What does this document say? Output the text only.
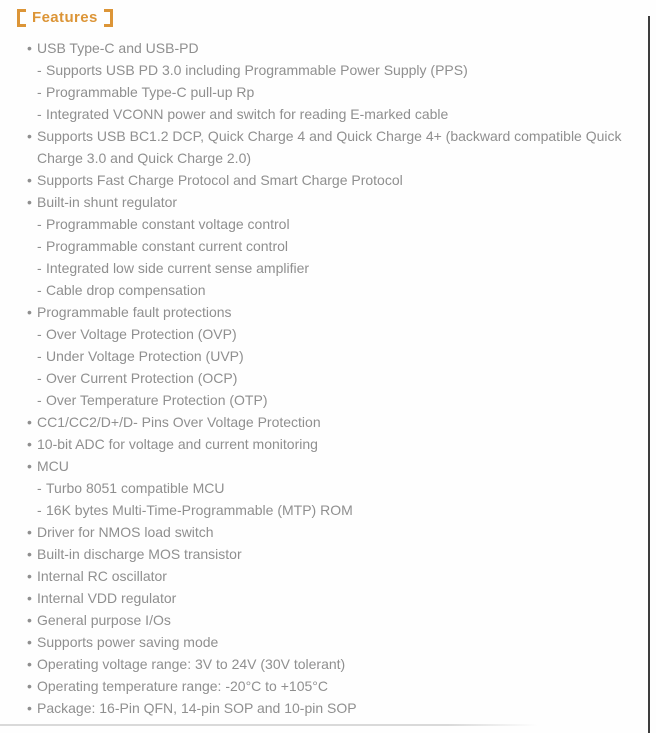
Features
• USB Type-C and USB-PD
- Supports USB PD 3.0 including Programmable Power Supply (PPS)
- Programmable Type-C pull-up Rp
- Integrated VCONN power and switch for reading E-marked cable
• Supports USB BC1.2 DCP, Quick Charge 4 and Quick Charge 4+ (backward compatible Quick Charge 3.0 and Quick Charge 2.0)
• Supports Fast Charge Protocol and Smart Charge Protocol
• Built-in shunt regulator
- Programmable constant voltage control
- Programmable constant current control
- Integrated low side current sense amplifier
- Cable drop compensation
• Programmable fault protections
- Over Voltage Protection (OVP)
- Under Voltage Protection (UVP)
- Over Current Protection (OCP)
- Over Temperature Protection (OTP)
• CC1/CC2/D+/D- Pins Over Voltage Protection
• 10-bit ADC for voltage and current monitoring
• MCU
- Turbo 8051 compatible MCU
- 16K bytes Multi-Time-Programmable (MTP) ROM
• Driver for NMOS load switch
• Built-in discharge MOS transistor
• Internal RC oscillator
• Internal VDD regulator
• General purpose I/Os
• Supports power saving mode
• Operating voltage range: 3V to 24V (30V tolerant)
• Operating temperature range: -20°C to +105°C
• Package: 16-Pin QFN, 14-pin SOP and 10-pin SOP
